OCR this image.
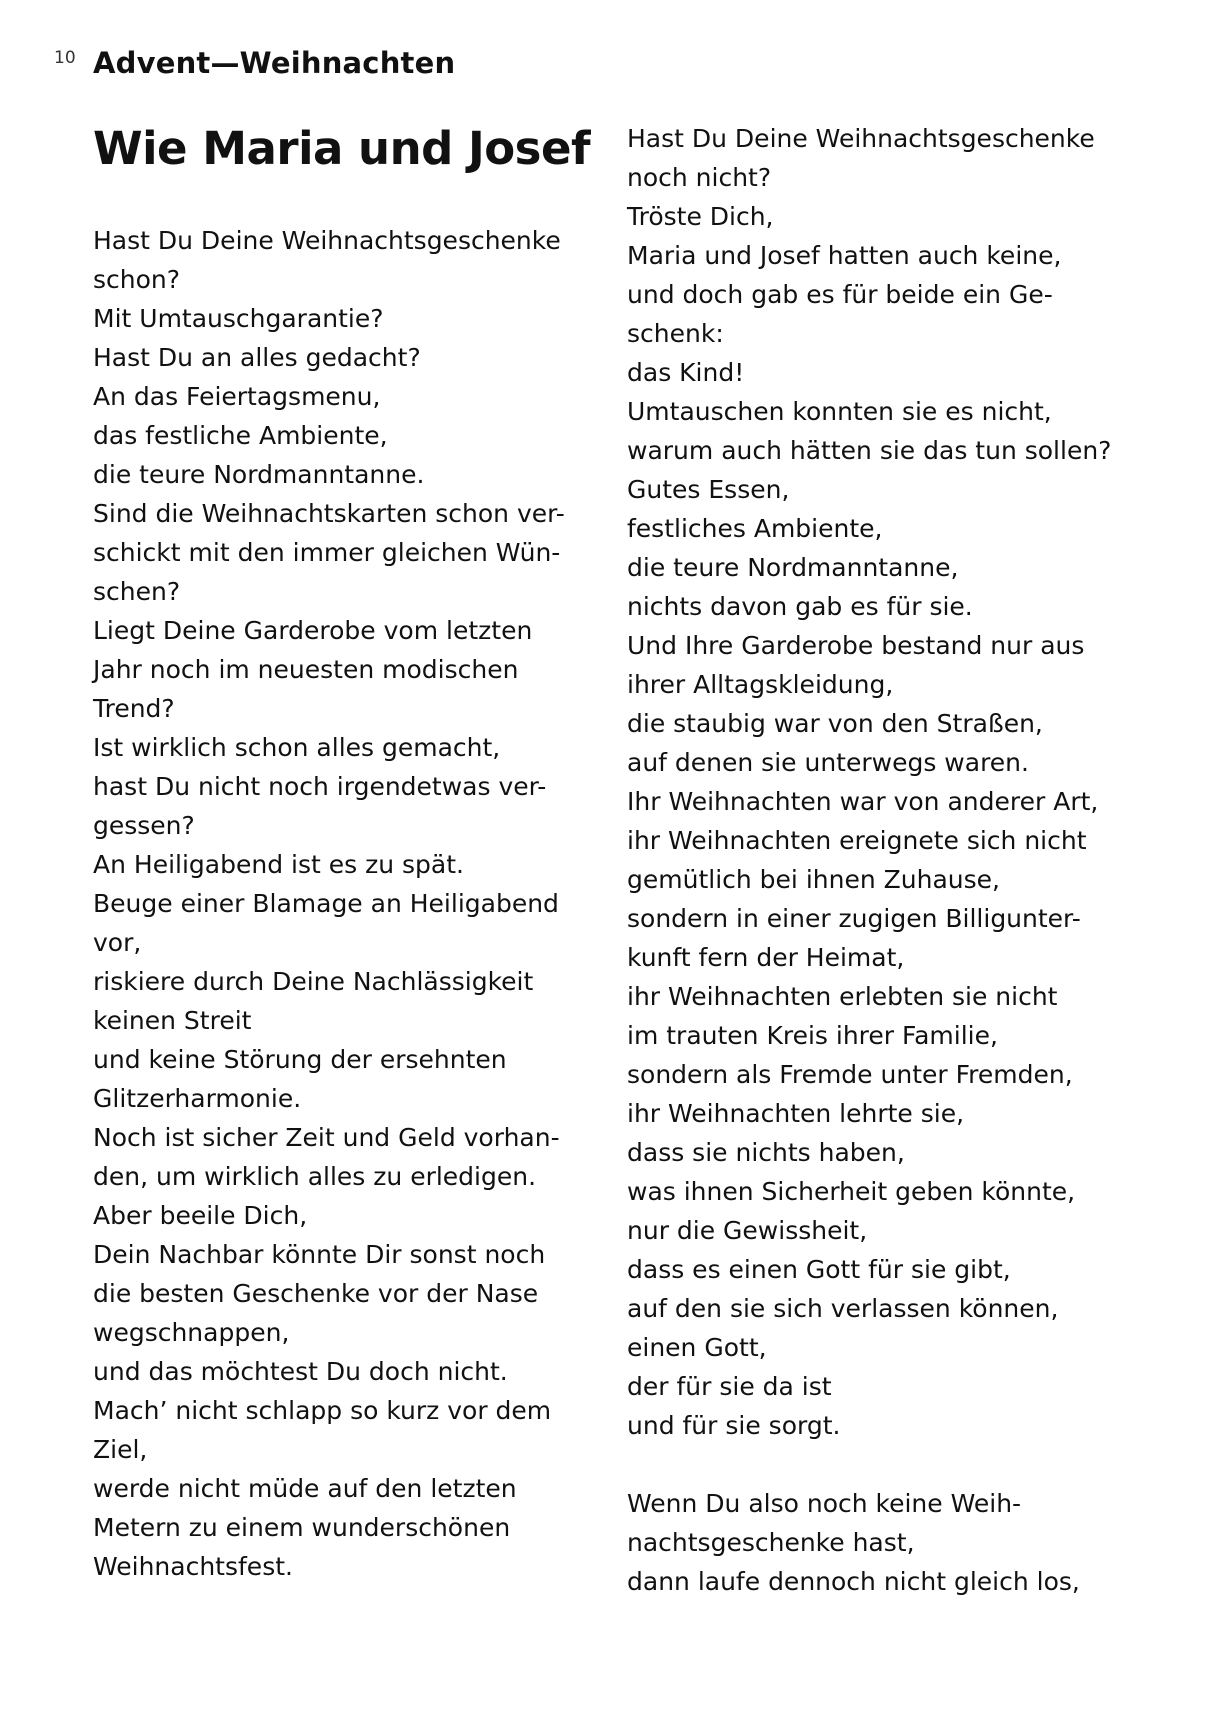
10 Advent—Weihnachten
Wie Maria und Josef
Hast Du Deine Weihnachtsgeschenke
schon?
Mit Umtauschgarantie?
Hast Du an alles gedacht?
An das Feiertagsmenu,
das festliche Ambiente,
die teure Nordmanntanne.
Sind die Weihnachtskarten schon ver-
schickt mit den immer gleichen Wün-
schen?
Liegt Deine Garderobe vom letzten
Jahr noch im neuesten modischen
Trend?
Ist wirklich schon alles gemacht,
hast Du nicht noch irgendetwas ver-
gessen?
An Heiligabend ist es zu spät.
Beuge einer Blamage an Heiligabend
vor,
riskiere durch Deine Nachlässigkeit
keinen Streit
und keine Störung der ersehnten
Glitzerharmonie.
Noch ist sicher Zeit und Geld vorhan-
den, um wirklich alles zu erledigen.
Aber beeile Dich,
Dein Nachbar könnte Dir sonst noch
die besten Geschenke vor der Nase
wegschnappen,
und das möchtest Du doch nicht.
Mach’ nicht schlapp so kurz vor dem
Ziel,
werde nicht müde auf den letzten
Metern zu einem wunderschönen
Weihnachtsfest.
Hast Du Deine Weihnachtsgeschenke
noch nicht?
Tröste Dich,
Maria und Josef hatten auch keine,
und doch gab es für beide ein Ge-
schenk:
das Kind!
Umtauschen konnten sie es nicht,
warum auch hätten sie das tun sollen?
Gutes Essen,
festliches Ambiente,
die teure Nordmanntanne,
nichts davon gab es für sie.
Und Ihre Garderobe bestand nur aus
ihrer Alltagskleidung,
die staubig war von den Straßen,
auf denen sie unterwegs waren.
Ihr Weihnachten war von anderer Art,
ihr Weihnachten ereignete sich nicht
gemütlich bei ihnen Zuhause,
sondern in einer zugigen Billigunter-
kunft fern der Heimat,
ihr Weihnachten erlebten sie nicht
im trauten Kreis ihrer Familie,
sondern als Fremde unter Fremden,
ihr Weihnachten lehrte sie,
dass sie nichts haben,
was ihnen Sicherheit geben könnte,
nur die Gewissheit,
dass es einen Gott für sie gibt,
auf den sie sich verlassen können,
einen Gott,
der für sie da ist
und für sie sorgt.
Wenn Du also noch keine Weih-
nachtsgeschenke hast,
dann laufe dennoch nicht gleich los,
